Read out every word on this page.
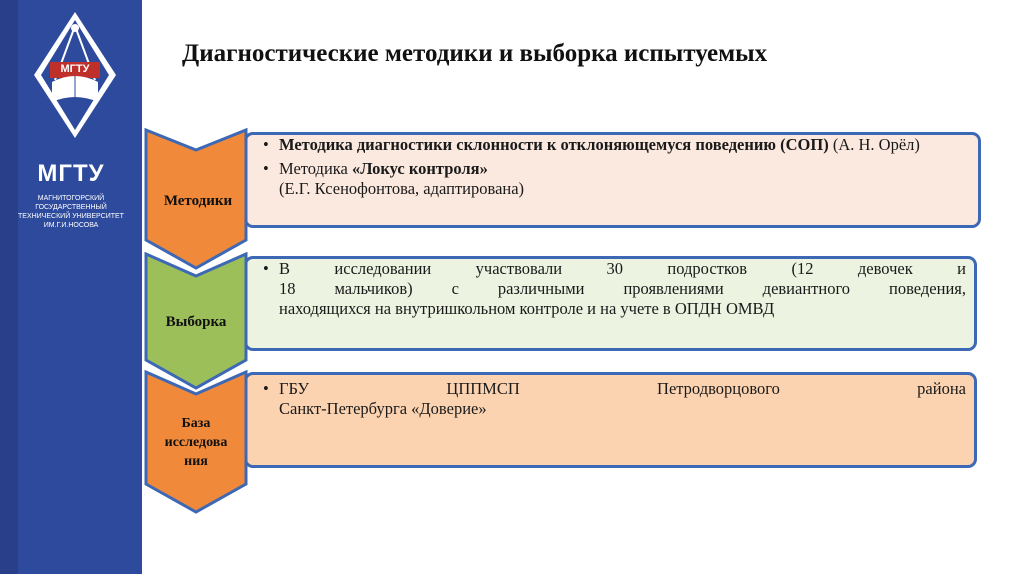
МГТУ
МГТУ
МАГНИТОГОРСКИЙ ГОСУДАРСТВЕННЫЙ ТЕХНИЧЕСКИЙ УНИВЕРСИТЕТ ИМ.Г.И.НОСОВА
Диагностические методики и выборка испытуемых
• Методика диагностики склонности к отклоняющемуся поведению (СОП) (А. Н. Орёл)
• Методика «Локус контроля»
(Е.Г. Ксенофонтова, адаптирована)
• В исследовании участвовали 30 подростков (12 девочек и
18 мальчиков) с различными проявлениями девиантного поведения,
находящихся на внутришкольном контроле и на учете в ОПДН ОМВД
• ГБУ ЦППМСП Петродворцового района
Санкт-Петербурга «Доверие»
Методики
Выборка
База
исследова
ния
